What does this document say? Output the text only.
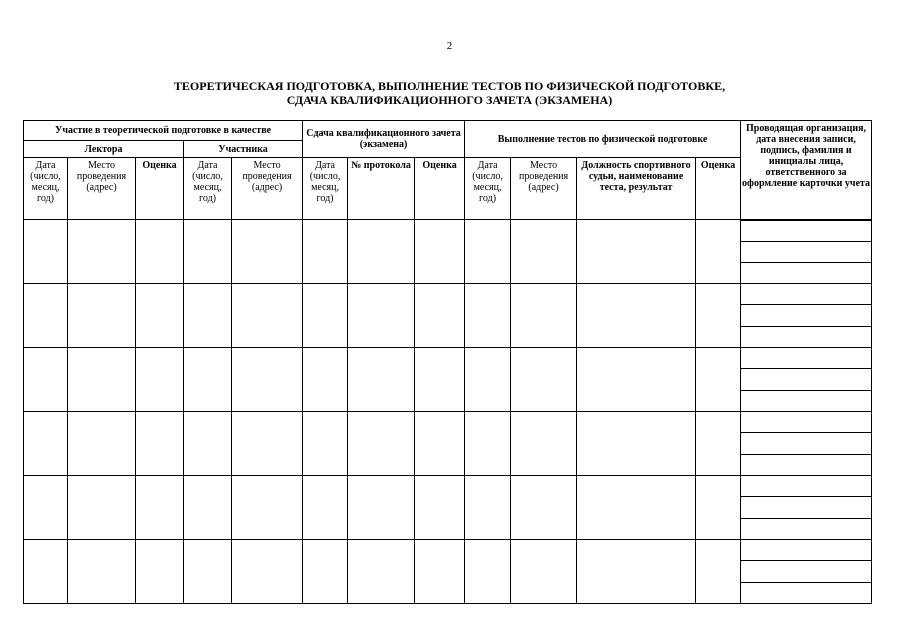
2
ТЕОРЕТИЧЕСКАЯ ПОДГОТОВКА, ВЫПОЛНЕНИЕ ТЕСТОВ ПО ФИЗИЧЕСКОЙ ПОДГОТОВКЕ,
СДАЧА КВАЛИФИКАЦИОННОГО ЗАЧЕТА (ЭКЗАМЕНА)
Участие в теоретической подготовке в качестве					Сдача квалификационного зачета (экзамена)			Выполнение тестов по физической подготовке				Проводящая организация, дата внесения записи, подпись, фамилия и инициалы лица, ответственного за оформление карточки учета
Лектора			Участника									
Дата (число, месяц, год)	Место проведения (адрес)	Оценка	Дата (число, месяц, год)	Место проведения (адрес)	Дата (число, месяц, год)	№ протокола	Оценка	Дата (число, месяц, год)	Место проведения (адрес)	Должность спортивного судьи, наименование теста, результат	Оценка	
